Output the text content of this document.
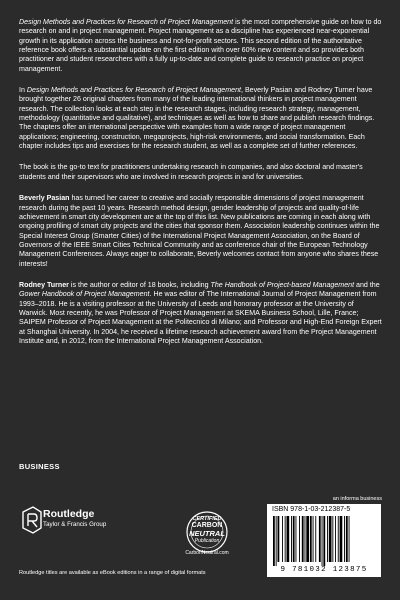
Design Methods and Practices for Research of Project Management is the most comprehensive guide on how to do research on and in project management. Project management as a discipline has experienced near-exponential growth in its application across the business and not-for-profit sectors. This second edition of the authoritative reference book offers a substantial update on the first edition with over 60% new content and so provides both practitioner and student researchers with a fully up-to-date and complete guide to research practice on project management.

In Design Methods and Practices for Research of Project Management, Beverly Pasian and Rodney Turner have brought together 26 original chapters from many of the leading international thinkers in project management research. The collection looks at each step in the research stages, including research strategy, management, methodology (quantitative and qualitative), and techniques as well as how to share and publish research findings. The chapters offer an international perspective with examples from a wide range of project management applications; engineering, construction, megaprojects, high-risk environments, and social transformation. Each chapter includes tips and exercises for the research student, as well as a complete set of further references.

The book is the go-to text for practitioners undertaking research in companies, and also doctoral and master's students and their supervisors who are involved in research projects in and for universities.

Beverly Pasian has turned her career to creative and socially responsible dimensions of project management research during the past 10 years. Research method design, gender leadership of projects and quality-of-life achievement in smart city development are at the top of this list. New publications are coming in each along with ongoing profiling of smart city projects and the cities that sponsor them. Association leadership continues within the Special Interest Group (Smarter Cities) of the International Project Management Association, on the Board of Governors of the IEEE Smart Cities Technical Community and as conference chair of the European Technology Management Conferences. Always eager to collaborate, Beverly welcomes contact from anyone who shares these interests!

Rodney Turner is the author or editor of 18 books, including The Handbook of Project-based Management and the Gower Handbook of Project Management. He was editor of The International Journal of Project Management from 1993–2018. He is a visiting professor at the University of Leeds and honorary professor at the University of Warwick. Most recently, he was Professor of Project Management at SKEMA Business School, Lille, France; SAIPEM Professor of Project Management at the Politecnico di Milano; and Professor and High-End Foreign Expert at Shanghai University. In 2004, he received a lifetime research achievement award from the Project Management Institute and, in 2012, from the International Project Management Association.

BUSINESS
an informa business
Routledge
Taylor & Francis Group
CERTIFIED
CARBON
NEUTRAL
Publication
CarbonNeutral.com
ISBN 978-1-03-212387-5
9 781032 123875
Routledge titles are available as eBook editions in a range of digital formats
